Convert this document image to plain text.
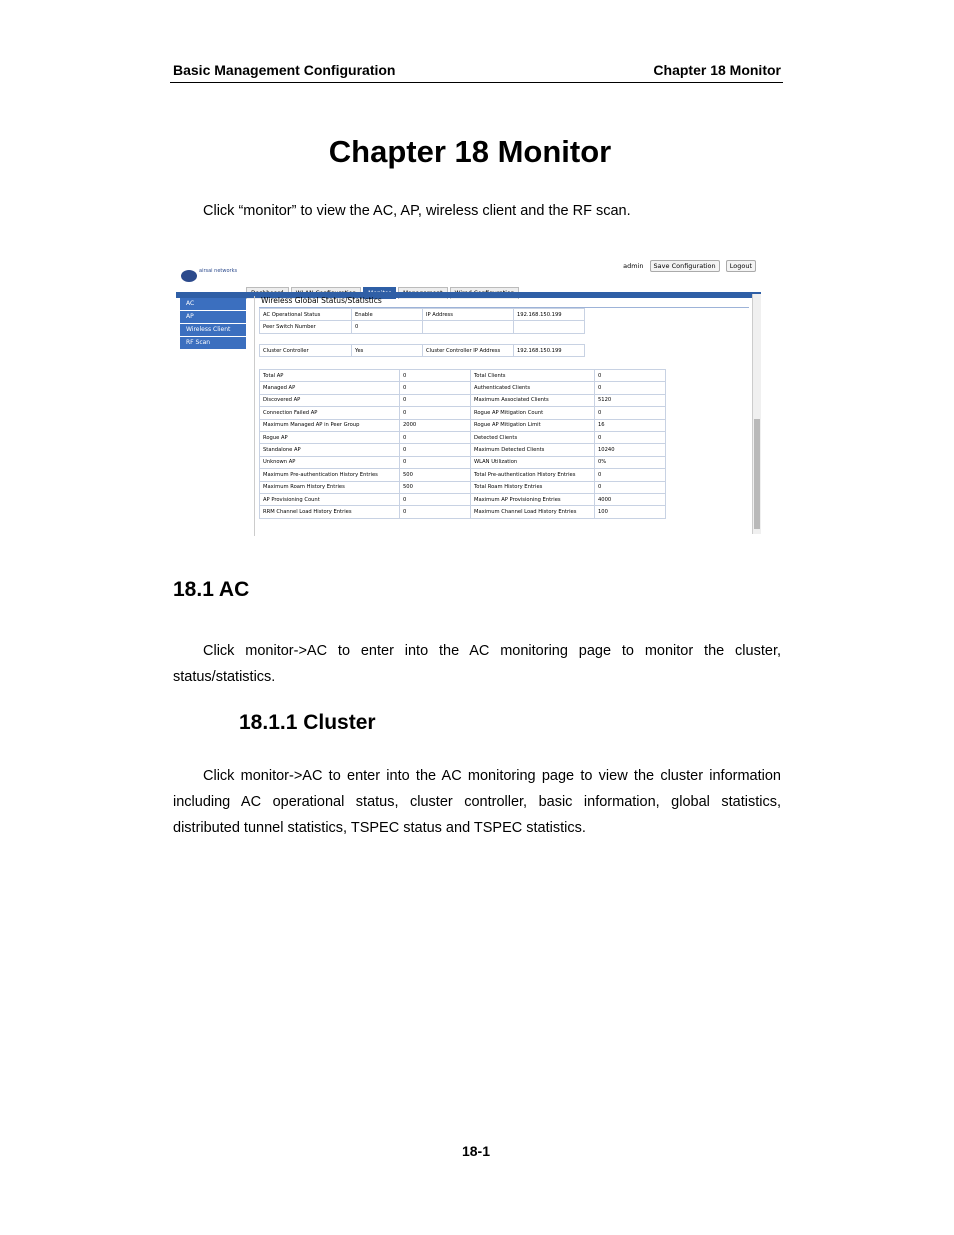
Basic Management Configuration	Chapter 18 Monitor
Chapter 18 Monitor
Click “monitor” to view the AC, AP, wireless client and the RF scan.
airsai networks
admin Save Configuration Logout
AC
AP
Wireless Client
RF Scan
Wireless Global Status/Statistics
AC Operational Status	Enable	IP Address	192.168.150.199
Peer Switch Number	0		
Cluster Controller	Yes	Cluster Controller IP Address	192.168.150.199
Total AP	0	Total Clients	0
Managed AP	0	Authenticated Clients	0
Discovered AP	0	Maximum Associated Clients	5120
Connection Failed AP	0	Rogue AP Mitigation Count	0
Maximum Managed AP in Peer Group	2000	Rogue AP Mitigation Limit	16
Rogue AP	0	Detected Clients	0
Standalone AP	0	Maximum Detected Clients	10240
Unknown AP	0	WLAN Utilization	0%
Maximum Pre-authentication History Entries	500	Total Pre-authentication History Entries	0
Maximum Roam History Entries	500	Total Roam History Entries	0
AP Provisioning Count	0	Maximum AP Provisioning Entries	4000
RRM Channel Load History Entries	0	Maximum Channel Load History Entries	100
18.1 AC
Click monitor->AC to enter into the AC monitoring page to monitor the cluster, status/statistics.
18.1.1 Cluster
Click monitor->AC to enter into the AC monitoring page to view the cluster information including AC operational status, cluster controller, basic information, global statistics, distributed tunnel statistics, TSPEC status and TSPEC statistics.
18-1
